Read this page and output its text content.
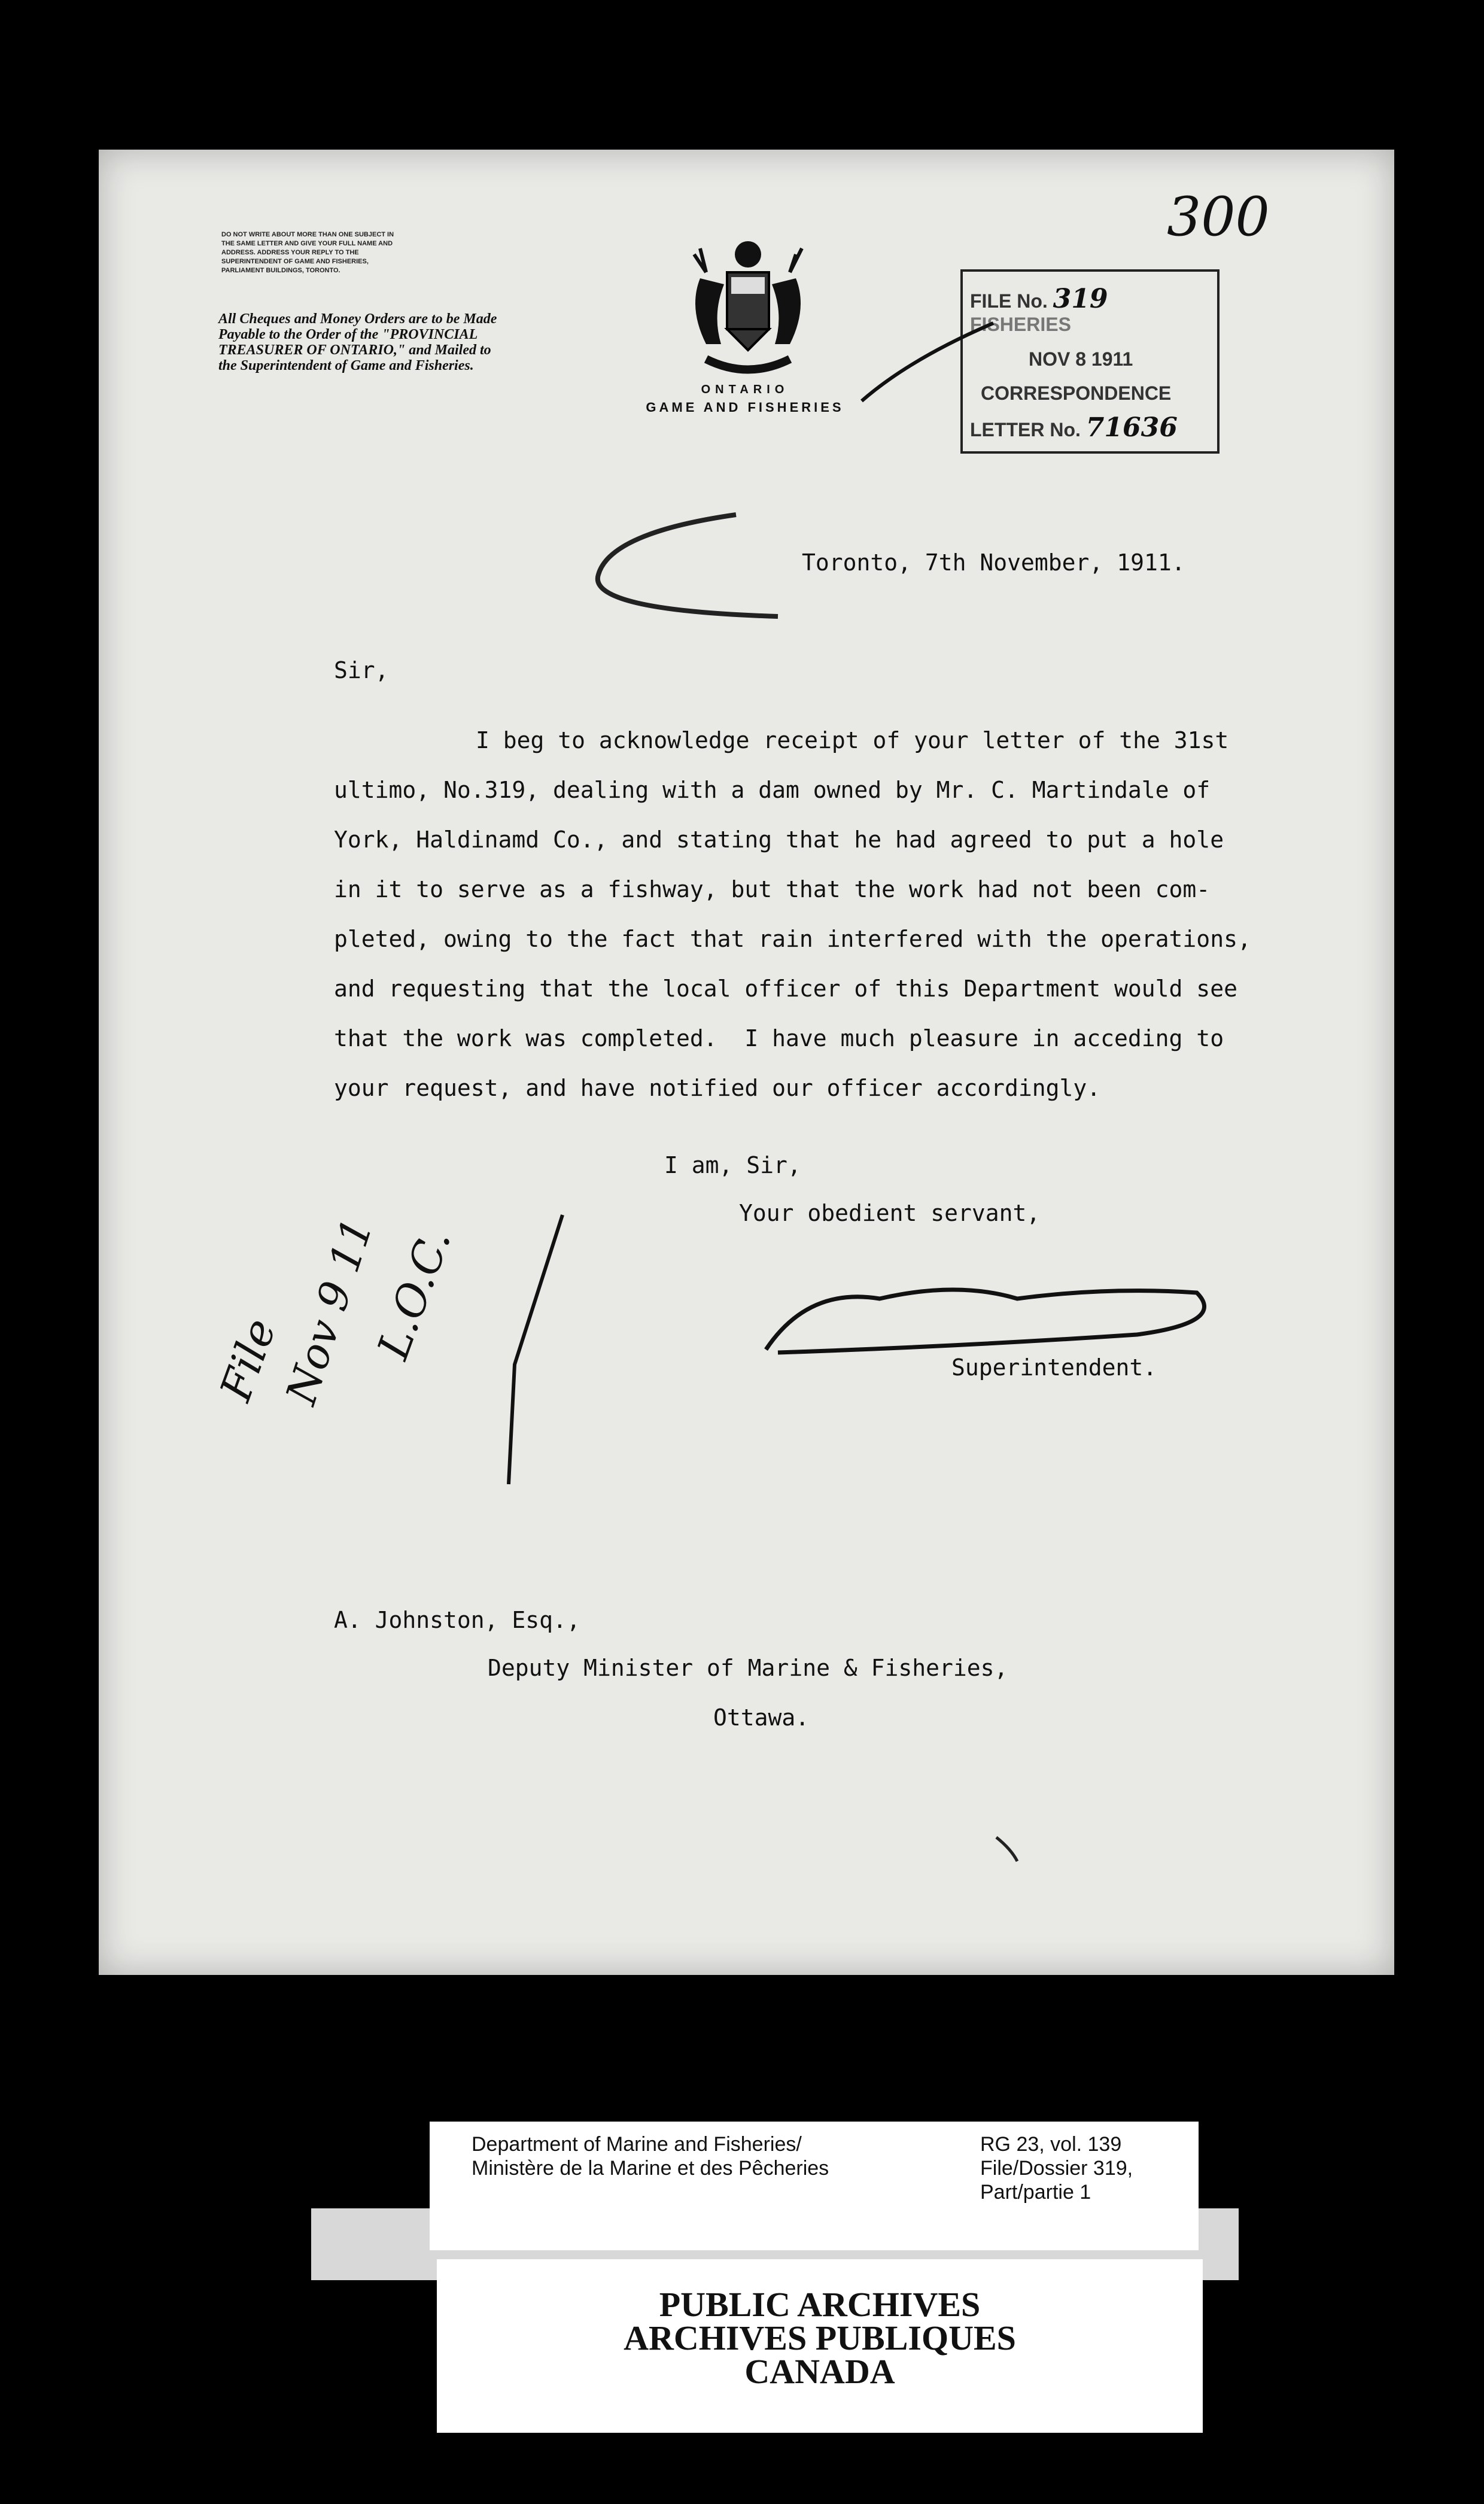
300
DO NOT WRITE ABOUT MORE THAN ONE SUBJECT IN THE SAME LETTER AND GIVE YOUR FULL NAME AND ADDRESS. ADDRESS YOUR REPLY TO THE SUPERINTENDENT OF GAME AND FISHERIES, PARLIAMENT BUILDINGS, TORONTO.
All Cheques and Money Orders are to be Made Payable to the Order of the "PROVINCIAL TREASURER OF ONTARIO," and Mailed to the Superintendent of Game and Fisheries.
ONTARIO
GAME AND FISHERIES
FILE No. 319
FISHERIES
NOV 8 1911
CORRESPONDENCE
LETTER No. 71636
Toronto, 7th November, 1911.
Sir,
I beg to acknowledge receipt of your letter of the 31st
ultimo, No.319, dealing with a dam owned by Mr. C. Martindale of
York, Haldinamd Co., and stating that he had agreed to put a hole
in it to serve as a fishway, but that the work had not been com-
pleted, owing to the fact that rain interfered with the operations,
and requesting that the local officer of this Department would see
that the work was completed.  I have much pleasure in acceding to
your request, and have notified our officer accordingly.
I am, Sir,
Your obedient servant,
Superintendent.
A. Johnston, Esq.,
Deputy Minister of Marine & Fisheries,
Ottawa.
File
Nov 9 11
L.O.C.
Department of Marine and Fisheries/
Ministère de la Marine et des Pêcheries
RG 23, vol. 139
File/Dossier 319,
Part/partie 1
PUBLIC ARCHIVES
ARCHIVES PUBLIQUES
CANADA
